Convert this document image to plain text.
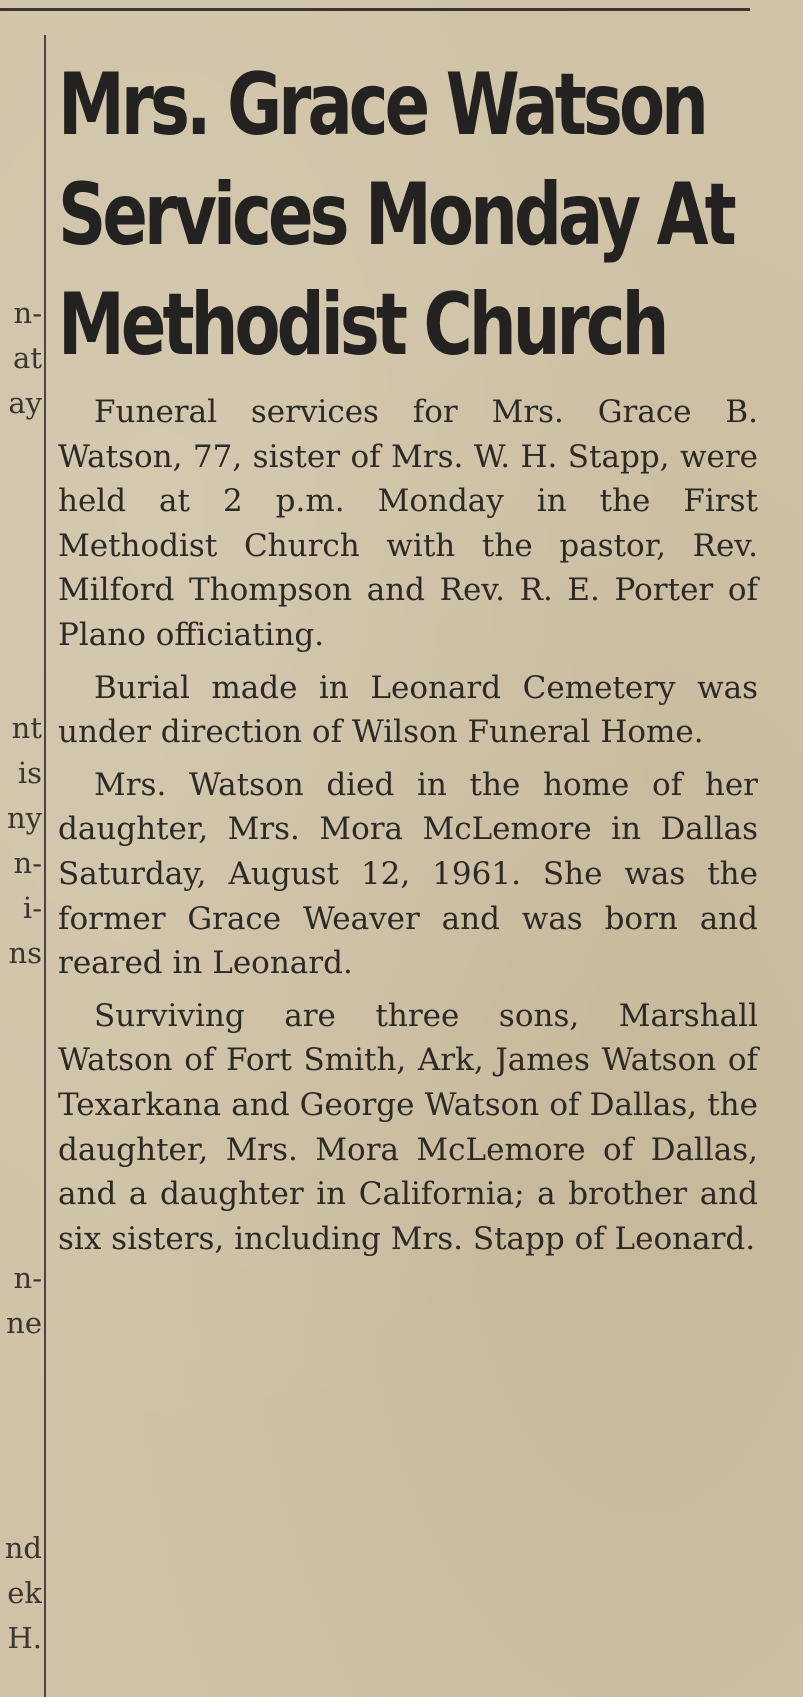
n-
at
ay
nt
is
ny
n-
i-
ns
n-
ne
nd
ek
H.
Mrs. Grace Watson
Services Monday At
Methodist Church

Funeral services for Mrs. Grace B. Watson, 77, sister of Mrs. W. H. Stapp, were held at 2 p.m. Monday in the First Methodist Church with the pastor, Rev. Milford Thompson and Rev. R. E. Porter of Plano officiating.

Burial made in Leonard Cemetery was under direction of Wilson Funeral Home.

Mrs. Watson died in the home of her daughter, Mrs. Mora McLemore in Dallas Saturday, August 12, 1961. She was the former Grace Weaver and was born and reared in Leonard.

Surviving are three sons, Marshall Watson of Fort Smith, Ark, James Watson of Texarkana and George Watson of Dallas, the daughter, Mrs. Mora McLemore of Dallas, and a daughter in California; a brother and six sisters, including Mrs. Stapp of Leonard.
